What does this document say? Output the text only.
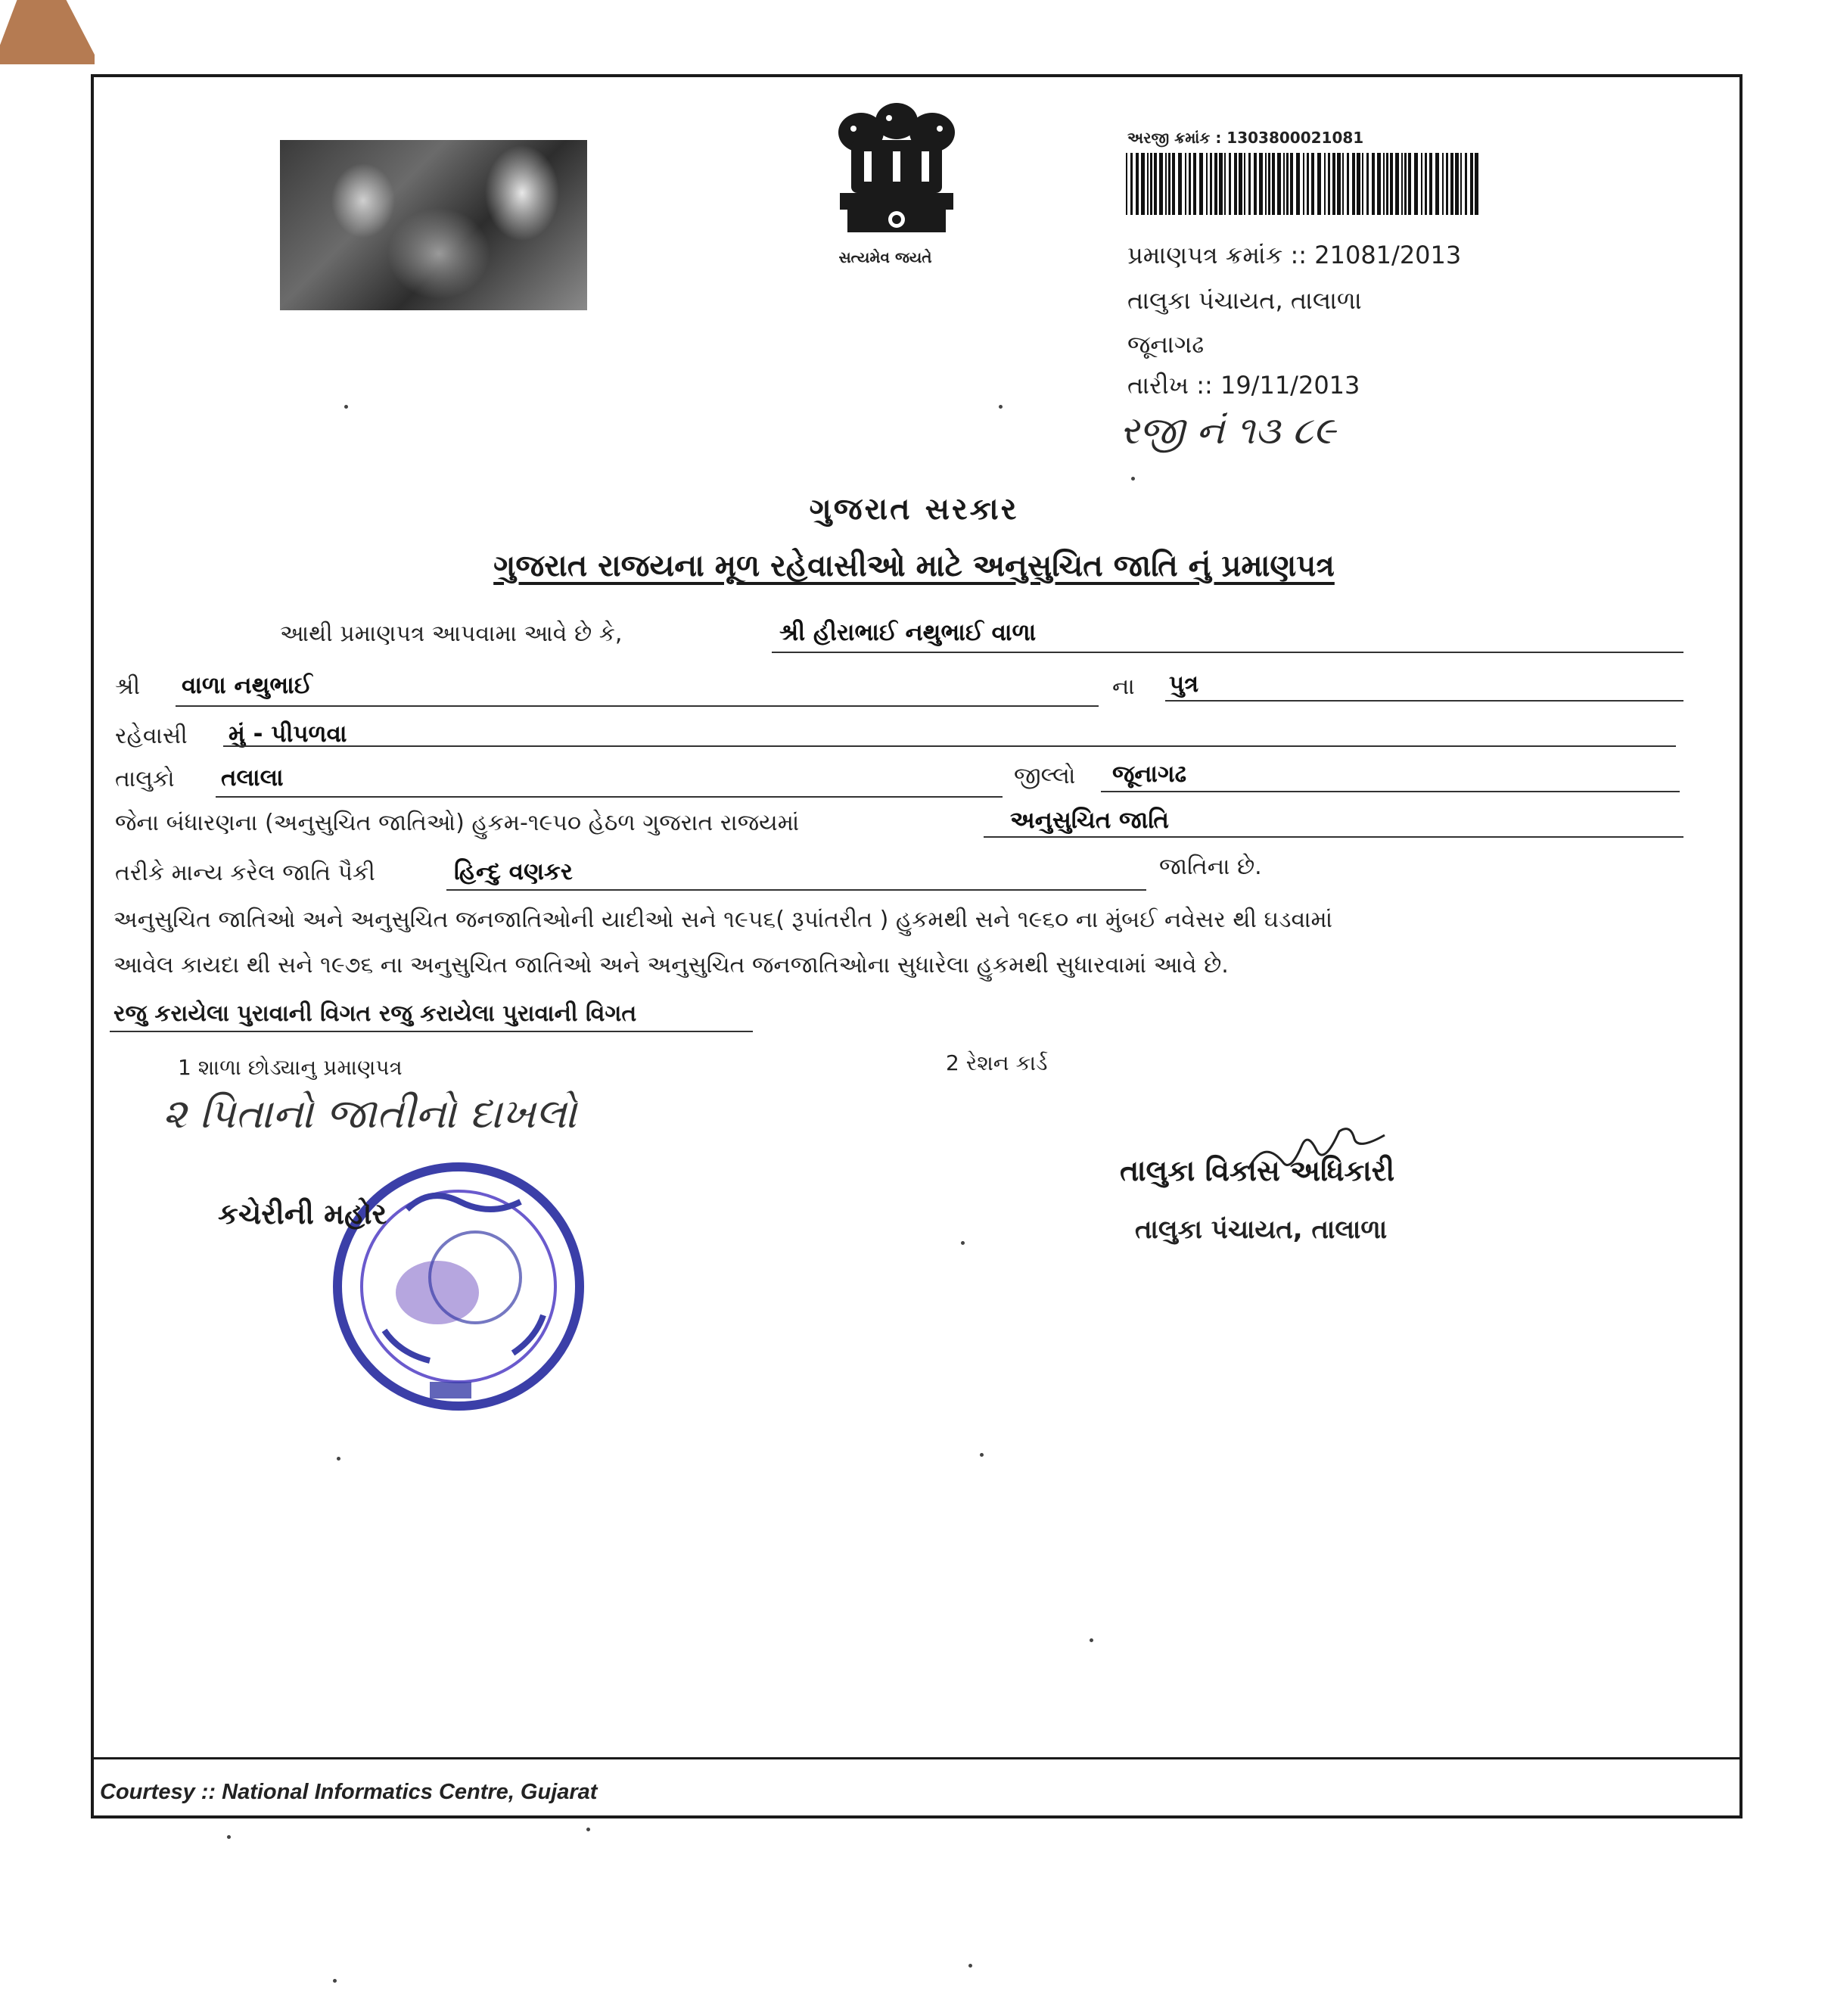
સત્યમેવ જયતે
અરજી ક્રમાંક : 1303800021081
પ્રમાણપત્ર ક્રમાંક :: 21081/2013
તાલુકા પંચાયત, તાલાળા
જૂનાગઢ
તારીખ :: 19/11/2013
રજી નં ૧૩ ૮૯
ગુજરાત સરકાર
ગુજરાત રાજયના મૂળ રહેવાસીઓ માટે અનુસુચિત જાતિ નું પ્રમાણપત્ર
આથી પ્રમાણપત્ર આપવામા આવે છે કે,	શ્રી હીરાભાઈ નથુભાઈ વાળા
શ્રી વાળા નથુભાઈ	ના પુત્ર
રહેવાસી મું - પીપળવા
તાલુકો તલાલા	જીલ્લો જૂનાગઢ
જેના બંધારણના (અનુસુચિત જાતિઓ) હુકમ-૧૯૫૦ હેઠળ ગુજરાત રાજયમાં	અનુસુચિત જાતિ
તરીકે માન્ય કરેલ જાતિ પૈકી	હિન્દુ વણકર	જાતિના છે.
અનુસુચિત જાતિઓ અને અનુસુચિત જનજાતિઓની યાદીઓ સને ૧૯૫૬( રૂપાંતરીત ) હુકમથી સને ૧૯૬૦ ના મુંબઈ નવેસર થી ઘડવામાં
આવેલ કાયદા થી સને ૧૯૭૬ ના અનુસુચિત જાતિઓ અને અનુસુચિત જનજાતિઓના સુધારેલા હુકમથી સુધારવામાં આવે છે.
રજુ કરાયેલા પુરાવાની વિગત રજુ કરાયેલા પુરાવાની વિગત
1 શાળા છોડ્યાનુ પ્રમાણપત્ર	2 રેશન કાર્ડ
૨ પિતાનો જાતીનો દાખલો
કચેરીની મહોર
તાલુકા વિકાસ અધિકારી
તાલુકા પંચાયત, તાલાળા
Courtesy :: National Informatics Centre, Gujarat
